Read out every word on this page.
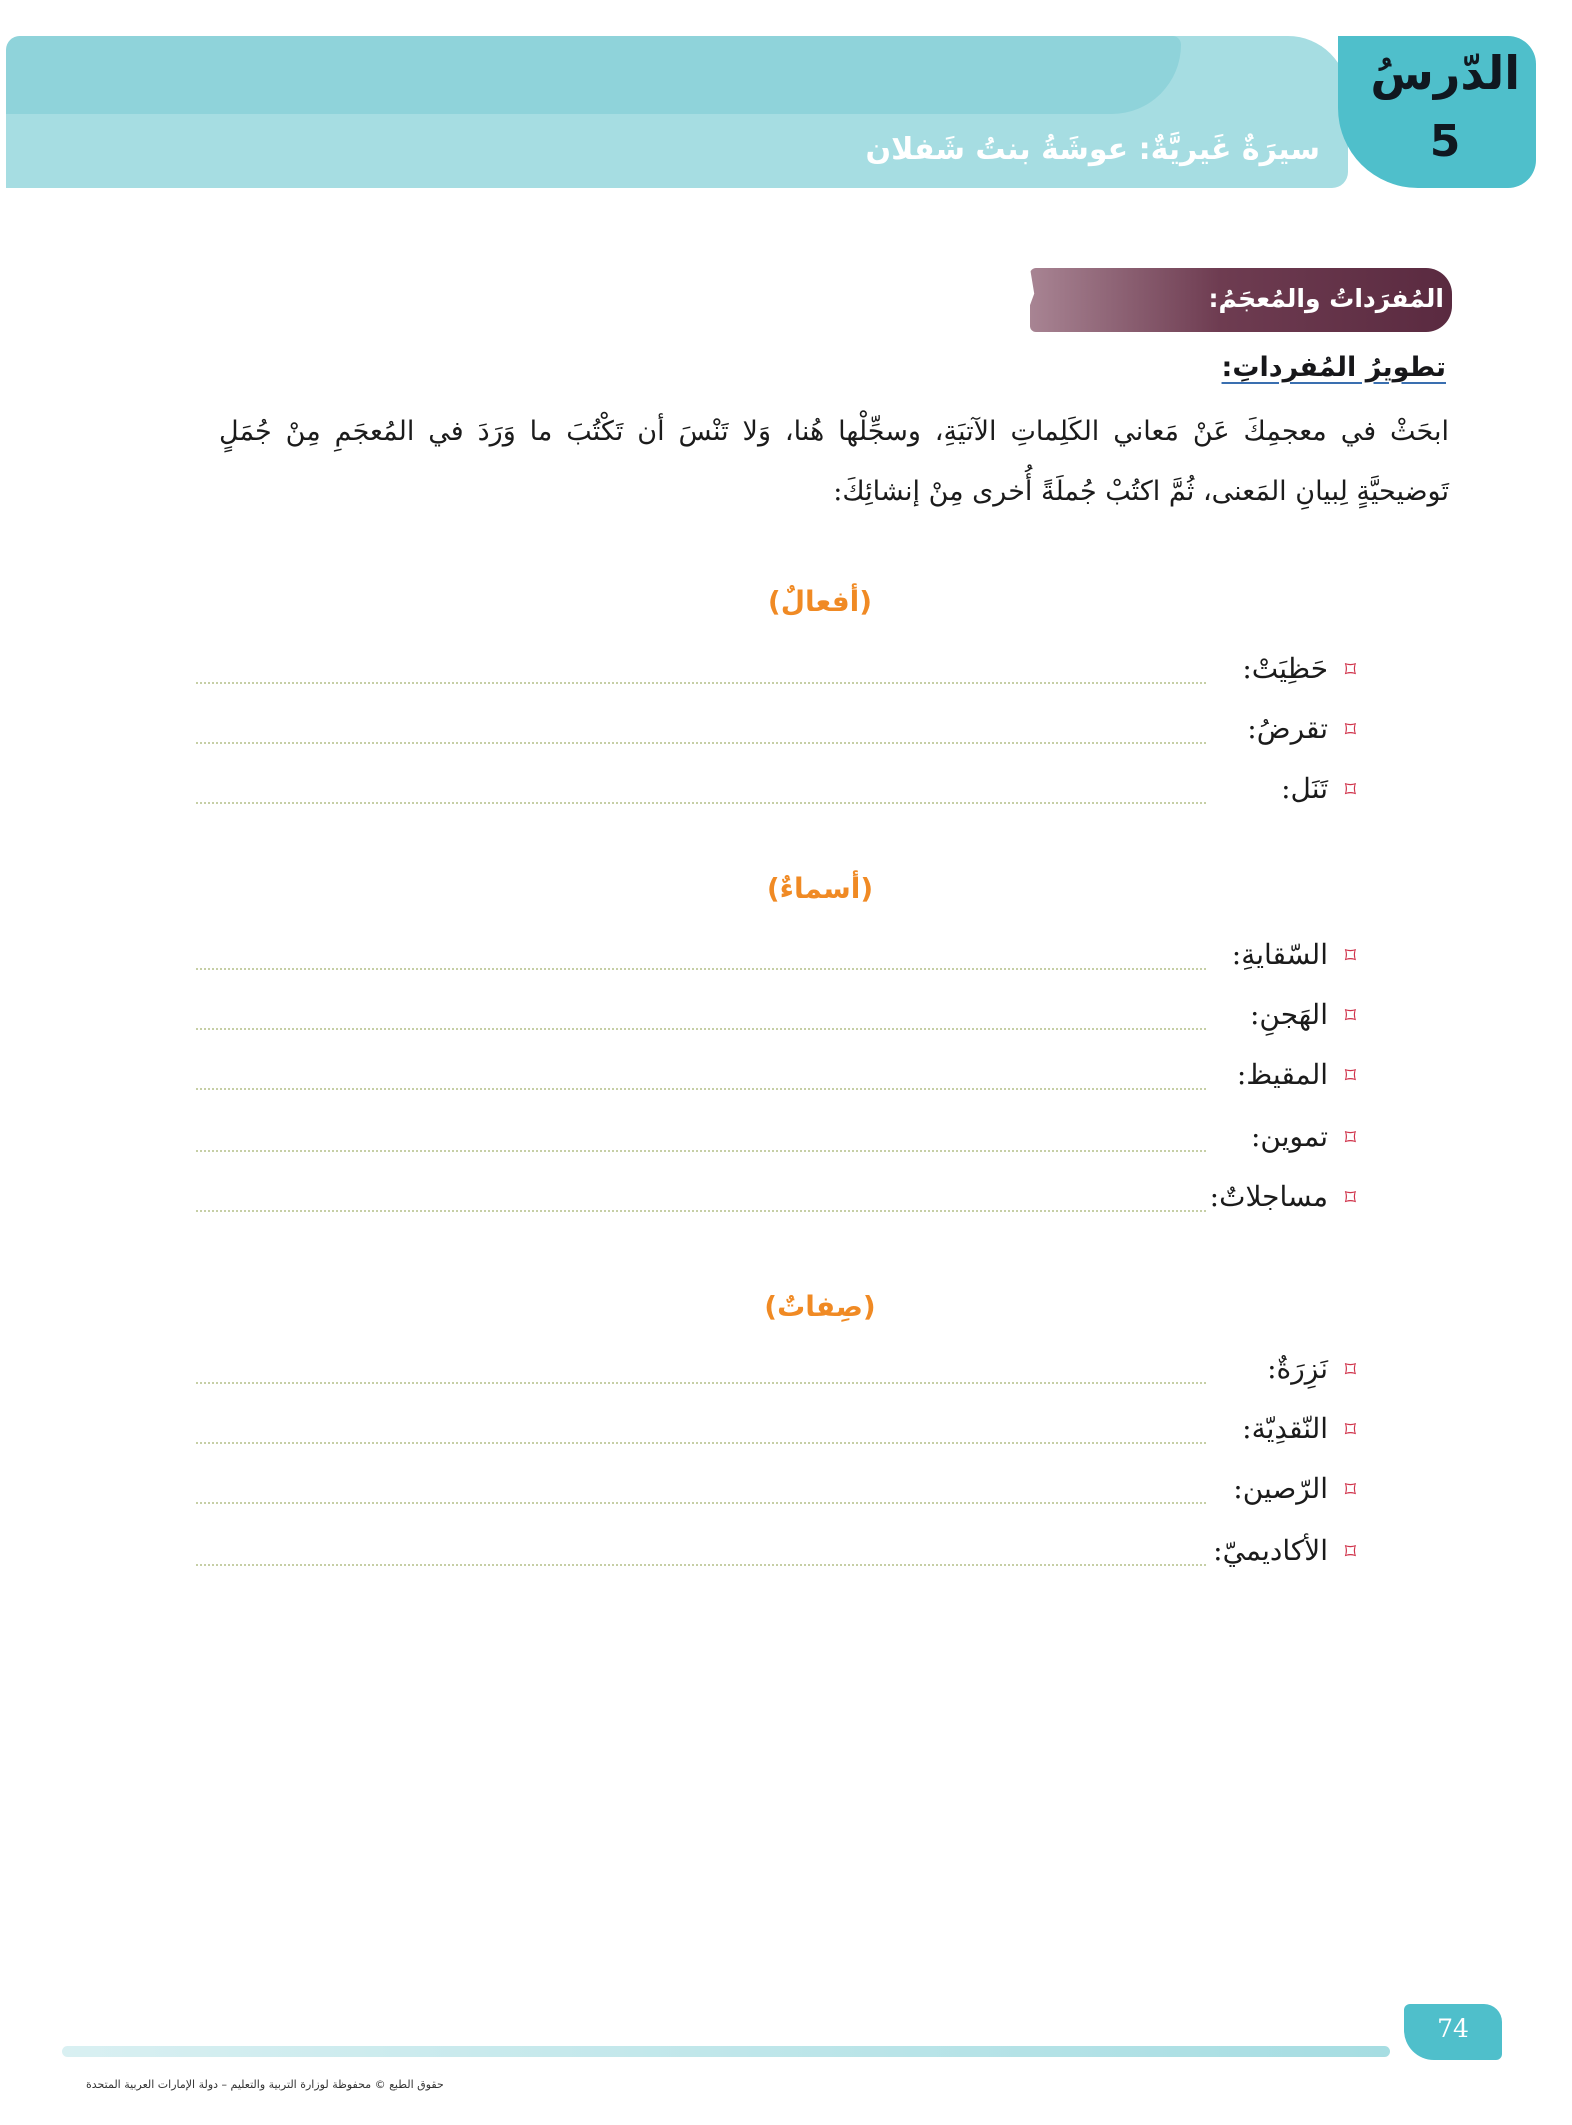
الدّرسُ
5
سيرَةٌ غَيريَّةٌ: عوشَةُ بنتُ شَفلان
المُفرَداتُ والمُعجَمُ:
تطويرُ المُفرداتِ:
ابحَثْ في معجمِكَ عَنْ مَعاني الكَلِماتِ الآتيَةِ، وسجِّلْها هُنا، وَلا تَنْسَ أن تَكْتُبَ ما وَرَدَ في المُعجَمِ مِنْ جُمَلٍ تَوضيحيَّةٍ لِبيانِ المَعنى، ثُمَّ اكتُبْ جُملَةً أُخرى مِنْ إنشائِكَ:
(أفعالٌ)
⌑
حَظِيَتْ:
⌑
تقرضُ:
⌑
تَنَل:
(أسماءٌ)
⌑
السّقايةِ:
⌑
الهَجنِ:
⌑
المقيظ:
⌑
تموين:
⌑
مساجلاتٌ:
(صِفاتٌ)
⌑
نَزِرَةٌ:
⌑
النّقدِيّة:
⌑
الرّصين:
⌑
الأكاديميّ:
74
حقوق الطبع © محفوظة لوزارة التربية والتعليم – دولة الإمارات العربية المتحدة
